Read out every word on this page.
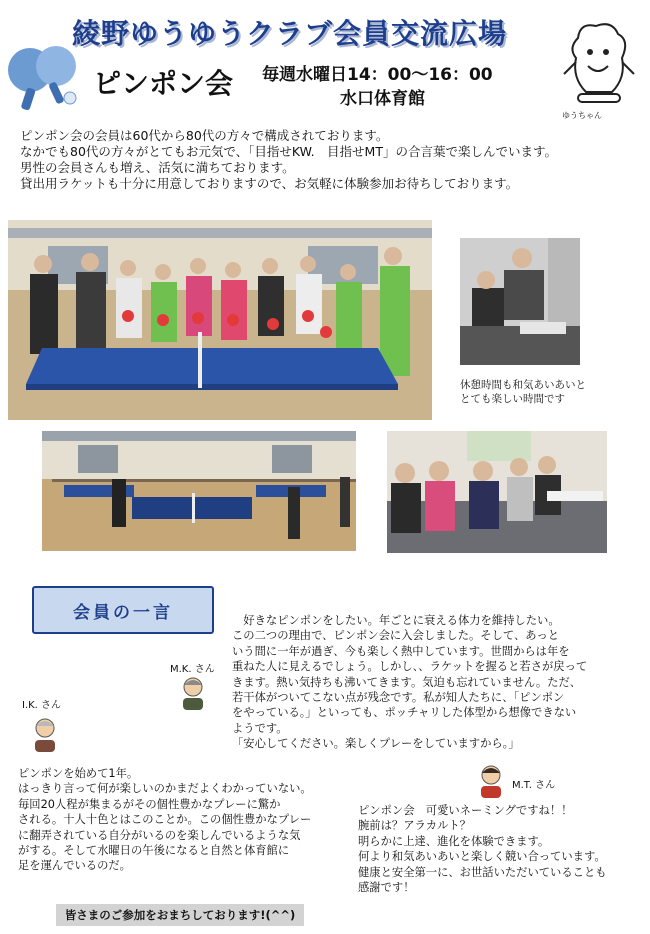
綾野ゆうゆうクラブ会員交流広場
ピンポン会 毎週水曜日14：00～16：00
水口体育館
ゆうちゃん
ピンポン会の会員は60代から80代の方々で構成されております。
なかでも80代の方々がとてもお元気で、「目指せKW.　目指せMT」の合言葉で楽しんでいます。
男性の会員さんも増え、活気に満ちております。
貸出用ラケットも十分に用意しておりますので、お気軽に体験参加お待ちしております。
休憩時間も和気あいあいと
とても楽しい時間です
会員の一言
M.K. さん
　好きなピンポンをしたい。年ごとに衰える体力を維持したい。
この二つの理由で、ピンポン会に入会しました。そして、あっと
いう間に一年が過ぎ、今も楽しく熱中しています。世間からは年を
重ねた人に見えるでしょう。しかし、、ラケットを握ると若さが戻って
きます。熱い気持ちも沸いてきます。気迫も忘れていません。ただ、
若干体がついてこない点が残念です。私が知人たちに、「ピンポン
をやっている。」といっても、ポッチャリした体型から想像できない
ようです。
「安心してください。楽しくプレーをしていますから。」
I.K. さん
ピンポンを始めて1年。
はっきり言って何が楽しいのかまだよくわかっていない。
毎回20人程が集まるがその個性豊かなプレーに驚か
される。十人十色とはこのことか。この個性豊かなプレー
に翻弄されている自分がいるのを楽しんでいるような気
がする。そして水曜日の午後になると自然と体育館に
足を運んでいるのだ。
M.T. さん
ピンポン会　可愛いネーミングですね！！
腕前は？アラカルト？
明らかに上達、進化を体験できます。
何より和気あいあいと楽しく競い合っています。
健康と安全第一に、お世話いただいていることも
感謝です！
皆さまのご参加をおまちしております!(^^)
